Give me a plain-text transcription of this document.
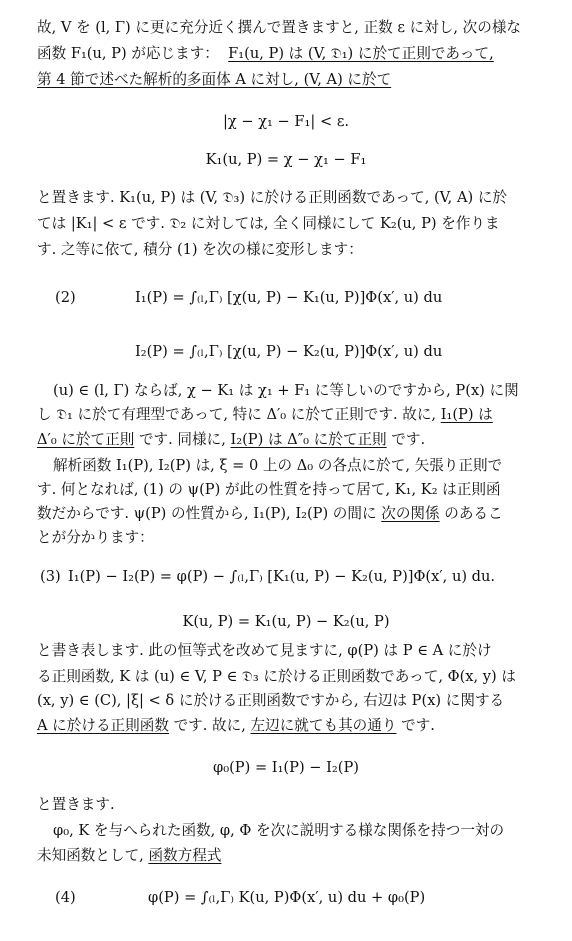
故, V を (l, Γ) に更に充分近く撰んで置きますと, 正数 ε に対し, 次の様な
函数 F₁(u, P) が応じます： F₁(u, P) は (V, 𝔇₁) に於て正則であって,
第 4 節で述べた解析的多面体 A に対し, (V, A) に於て
|χ − χ₁ − F₁| < ε.
K₁(u, P) = χ − χ₁ − F₁
と置きます. K₁(u, P) は (V, 𝔇₃) に於ける正則函数であって, (V, A) に於
ては |K₁| < ε です. 𝔇₂ に対しては, 全く同様にして K₂(u, P) を作りま
す. 之等に依て, 積分 (1) を次の様に変形します：
(2)	I₁(P) = ∫₍ₗ,Γ₎ [χ(u, P) − K₁(u, P)]Φ(x′, u) du
I₂(P) = ∫₍ₗ,Γ₎ [χ(u, P) − K₂(u, P)]Φ(x′, u) du
(u) ∈ (l, Γ) ならば, χ − K₁ は χ₁ + F₁ に等しいのですから, P(x) に関
し 𝔇₁ に於て有理型であって, 特に Δ′₀ に於て正則です. 故に, I₁(P) は
Δ′₀ に於て正則 です. 同様に, I₂(P) は Δ″₀ に於て正則 です.
解析函数 I₁(P), I₂(P) は, ξ = 0 上の Δ₀ の各点に於て, 矢張り正則で
す. 何となれば, (1) の ψ(P) が此の性質を持って居て, K₁, K₂ は正則函
数だからです. ψ(P) の性質から, I₁(P), I₂(P) の間に 次の関係 のあるこ
とが分かります：
(3) I₁(P) − I₂(P) = φ(P) − ∫₍ₗ,Γ₎ [K₁(u, P) − K₂(u, P)]Φ(x′, u) du.
K(u, P) = K₁(u, P) − K₂(u, P)
と書き表します. 此の恒等式を改めて見ますに, φ(P) は P ∈ A に於け
る正則函数, K は (u) ∈ V, P ∈ 𝔇₃ に於ける正則函数であって, Φ(x, y) は
(x, y) ∈ (C), |ξ| < δ に於ける正則函数ですから, 右辺は P(x) に関する
A に於ける正則函数 です. 故に, 左辺に就ても其の通り です.
φ₀(P) = I₁(P) − I₂(P)
と置きます.
φ₀, K を与へられた函数, φ, Φ を次に説明する様な関係を持つ一対の
未知函数として, 函数方程式
(4)	φ(P) = ∫₍ₗ,Γ₎ K(u, P)Φ(x′, u) du + φ₀(P)
